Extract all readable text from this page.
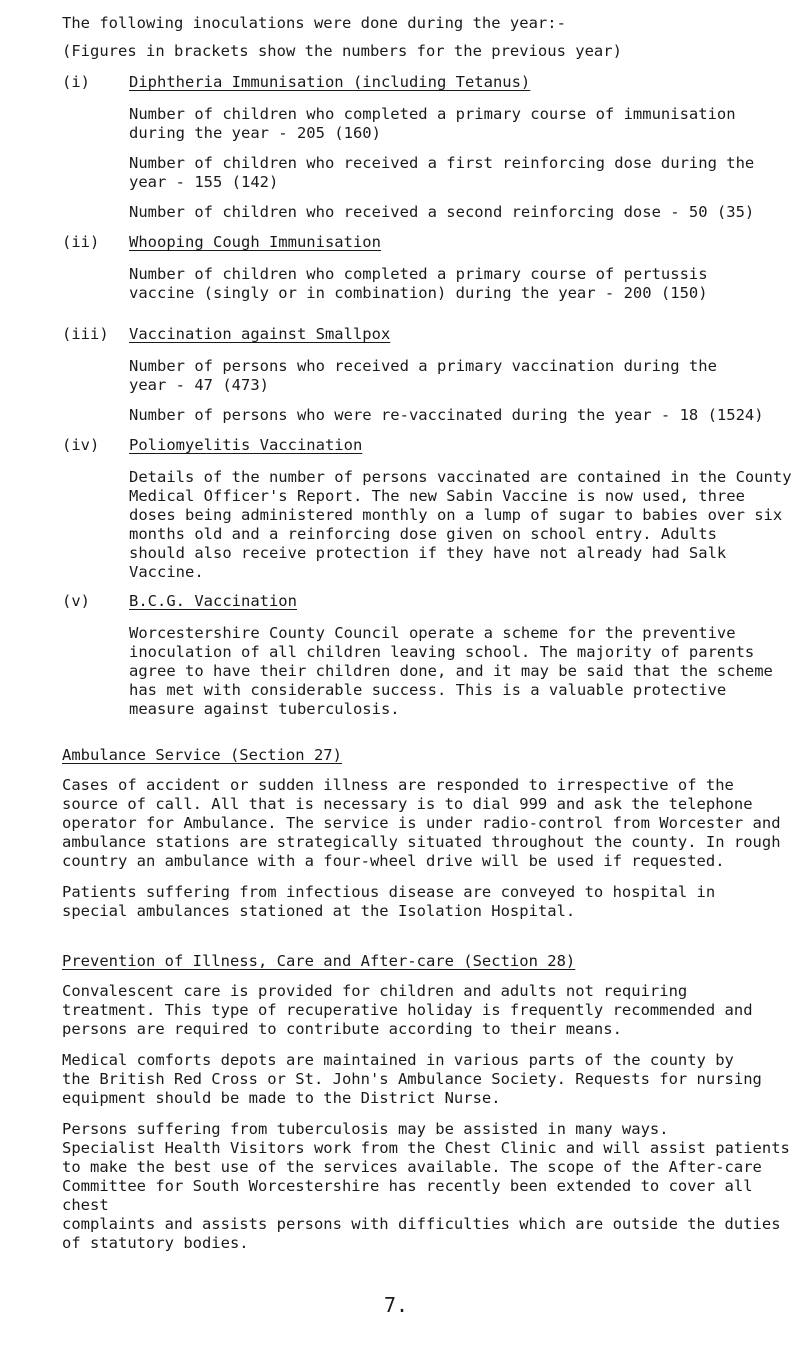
The following inoculations were done during the year:-

(Figures in brackets show the numbers for the previous year)

(i)	Diphtheria Immunisation (including Tetanus)

Number of children who completed a primary course of immunisation
during the year - 205 (160)

Number of children who received a first reinforcing dose during the
year - 155 (142)

Number of children who received a second reinforcing dose - 50 (35)

(ii) Whooping Cough Immunisation

Number of children who completed a primary course of pertussis
vaccine (singly or in combination) during the year - 200 (150)

(iii) Vaccination against Smallpox

Number of persons who received a primary vaccination during the
year - 47 (473)

Number of persons who were re-vaccinated during the year - 18 (1524)

(iv) Poliomyelitis Vaccination

Details of the number of persons vaccinated are contained in the County
Medical Officer's Report. The new Sabin Vaccine is now used, three
doses being administered monthly on a lump of sugar to babies over six
months old and a reinforcing dose given on school entry. Adults
should also receive protection if they have not already had Salk
Vaccine.

(v)	B.C.G. Vaccination

Worcestershire County Council operate a scheme for the preventive
inoculation of all children leaving school. The majority of parents
agree to have their children done, and it may be said that the scheme
has met with considerable success. This is a valuable protective
measure against tuberculosis.

Ambulance Service (Section 27)

Cases of accident or sudden illness are responded to irrespective of the
source of call. All that is necessary is to dial 999 and ask the telephone
operator for Ambulance. The service is under radio-control from Worcester and
ambulance stations are strategically situated throughout the county. In rough
country an ambulance with a four-wheel drive will be used if requested.

Patients suffering from infectious disease are conveyed to hospital in
special ambulances stationed at the Isolation Hospital.

Prevention of Illness, Care and After-care (Section 28)

Convalescent care is provided for children and adults not requiring
treatment. This type of recuperative holiday is frequently recommended and
persons are required to contribute according to their means.

Medical comforts depots are maintained in various parts of the county by
the British Red Cross or St. John's Ambulance Society. Requests for nursing
equipment should be made to the District Nurse.

Persons suffering from tuberculosis may be assisted in many ways.
Specialist Health Visitors work from the Chest Clinic and will assist patients
to make the best use of the services available. The scope of the After-care
Committee for South Worcestershire has recently been extended to cover all chest
complaints and assists persons with difficulties which are outside the duties
of statutory bodies.

7.
